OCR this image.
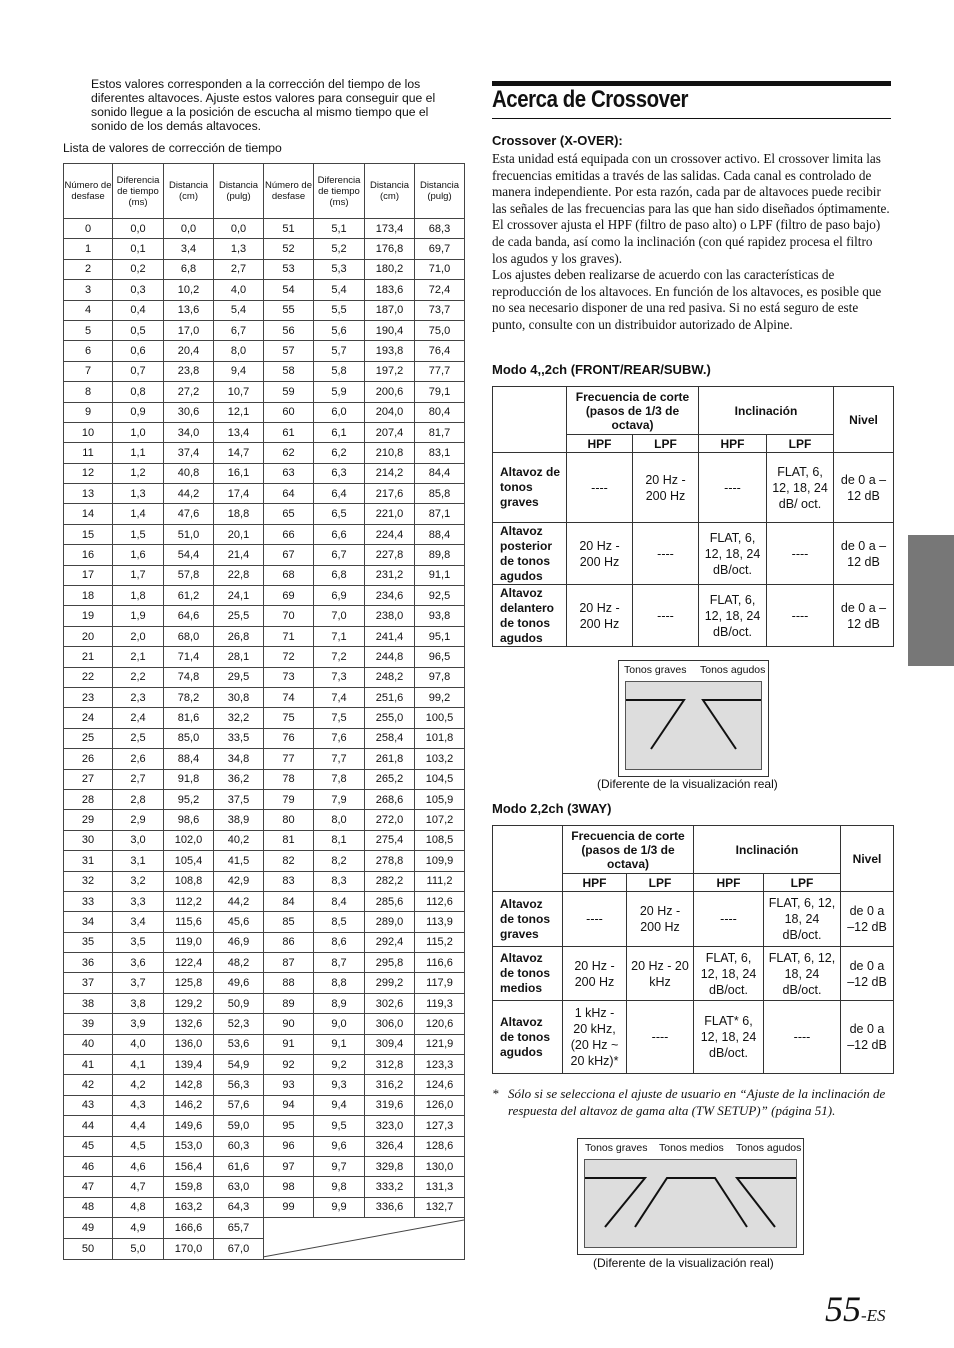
Estos valores corresponden a la corrección del tiempo de los diferentes altavoces. Ajuste estos valores para conseguir que el sonido llegue a la posición de escucha al mismo tiempo que el sonido de los demás altavoces.
Lista de valores de corrección de tiempo
Número de desfase	Diferencia de tiempo (ms)	Distancia (cm)	Distancia (pulg)	Número de desfase	Diferencia de tiempo (ms)	Distancia (cm)	Distancia (pulg)
0	0,0	0,0	0,0	51	5,1	173,4	68,3
1	0,1	3,4	1,3	52	5,2	176,8	69,7
2	0,2	6,8	2,7	53	5,3	180,2	71,0
3	0,3	10,2	4,0	54	5,4	183,6	72,4
4	0,4	13,6	5,4	55	5,5	187,0	73,7
5	0,5	17,0	6,7	56	5,6	190,4	75,0
6	0,6	20,4	8,0	57	5,7	193,8	76,4
7	0,7	23,8	9,4	58	5,8	197,2	77,7
8	0,8	27,2	10,7	59	5,9	200,6	79,1
9	0,9	30,6	12,1	60	6,0	204,0	80,4
10	1,0	34,0	13,4	61	6,1	207,4	81,7
11	1,1	37,4	14,7	62	6,2	210,8	83,1
12	1,2	40,8	16,1	63	6,3	214,2	84,4
13	1,3	44,2	17,4	64	6,4	217,6	85,8
14	1,4	47,6	18,8	65	6,5	221,0	87,1
15	1,5	51,0	20,1	66	6,6	224,4	88,4
16	1,6	54,4	21,4	67	6,7	227,8	89,8
17	1,7	57,8	22,8	68	6,8	231,2	91,1
18	1,8	61,2	24,1	69	6,9	234,6	92,5
19	1,9	64,6	25,5	70	7,0	238,0	93,8
20	2,0	68,0	26,8	71	7,1	241,4	95,1
21	2,1	71,4	28,1	72	7,2	244,8	96,5
22	2,2	74,8	29,5	73	7,3	248,2	97,8
23	2,3	78,2	30,8	74	7,4	251,6	99,2
24	2,4	81,6	32,2	75	7,5	255,0	100,5
25	2,5	85,0	33,5	76	7,6	258,4	101,8
26	2,6	88,4	34,8	77	7,7	261,8	103,2
27	2,7	91,8	36,2	78	7,8	265,2	104,5
28	2,8	95,2	37,5	79	7,9	268,6	105,9
29	2,9	98,6	38,9	80	8,0	272,0	107,2
30	3,0	102,0	40,2	81	8,1	275,4	108,5
31	3,1	105,4	41,5	82	8,2	278,8	109,9
32	3,2	108,8	42,9	83	8,3	282,2	111,2
33	3,3	112,2	44,2	84	8,4	285,6	112,6
34	3,4	115,6	45,6	85	8,5	289,0	113,9
35	3,5	119,0	46,9	86	8,6	292,4	115,2
36	3,6	122,4	48,2	87	8,7	295,8	116,6
37	3,7	125,8	49,6	88	8,8	299,2	117,9
38	3,8	129,2	50,9	89	8,9	302,6	119,3
39	3,9	132,6	52,3	90	9,0	306,0	120,6
40	4,0	136,0	53,6	91	9,1	309,4	121,9
41	4,1	139,4	54,9	92	9,2	312,8	123,3
42	4,2	142,8	56,3	93	9,3	316,2	124,6
43	4,3	146,2	57,6	94	9,4	319,6	126,0
44	4,4	149,6	59,0	95	9,5	323,0	127,3
45	4,5	153,0	60,3	96	9,6	326,4	128,6
46	4,6	156,4	61,6	97	9,7	329,8	130,0
47	4,7	159,8	63,0	98	9,8	333,2	131,3
48	4,8	163,2	64,3	99	9,9	336,6	132,7
49	4,9	166,6	65,7	

50	5,0	170,0	67,0				
Acerca de Crossover
Crossover (X-OVER):

Esta unidad está equipada con un crossover activo. El crossover limita las frecuencias emitidas a través de las salidas. Cada canal es controlado de manera independiente. Por esta razón, cada par de altavoces puede recibir las señales de las frecuencias para las que han sido diseñados óptimamente.

El crossover ajusta el HPF (filtro de paso alto) o LPF (filtro de paso bajo) de cada banda, así como la inclinación (con qué rapidez procesa el filtro los agudos y los graves).

Los ajustes deben realizarse de acuerdo con las características de reproducción de los altavoces. En función de los altavoces, es posible que no sea necesario disponer de una red pasiva. Si no está seguro de este punto, consulte con un distribuidor autorizado de Alpine.

Modo 4,,2ch (FRONT/REAR/SUBW.)
	Frecuencia de corte (pasos de 1/3 de octava)		Inclinación		Nivel
	HPF	LPF	HPF	LPF	
Altavoz de tonos graves	----	20 Hz - 200 Hz	----	FLAT, 6, 12, 18, 24 dB/ oct.	de 0 a –12 dB
Altavoz posterior de tonos agudos	20 Hz - 200 Hz	----	FLAT, 6, 12, 18, 24 dB/oct.	----	de 0 a –12 dB
Altavoz delantero de tonos agudos	20 Hz - 200 Hz	----	FLAT, 6, 12, 18, 24 dB/oct.	----	de 0 a –12 dB
Tonos graves Tonos agudos
(Diferente de la visualización real)
Modo 2,2ch (3WAY)
	Frecuencia de corte (pasos de 1/3 de octava)		Inclinación		Nivel
	HPF	LPF	HPF	LPF	
Altavoz de tonos graves	----	20 Hz - 200 Hz	----	FLAT, 6, 12, 18, 24 dB/oct.	de 0 a –12 dB
Altavoz de tonos medios	20 Hz - 200 Hz	20 Hz - 20 kHz	FLAT, 6, 12, 18, 24 dB/oct.	FLAT, 6, 12, 18, 24 dB/oct.	de 0 a –12 dB
Altavoz de tonos agudos	1 kHz - 20 kHz, (20 Hz ~ 20 kHz)*	----	FLAT* 6, 12, 18, 24 dB/oct.	----	de 0 a –12 dB
* Sólo si se selecciona el ajuste de usuario en “Ajuste de la inclinación de respuesta del altavoz de gama alta (TW SETUP)” (página 51).
Tonos graves Tonos medios Tonos agudos
(Diferente de la visualización real)
55-ES
